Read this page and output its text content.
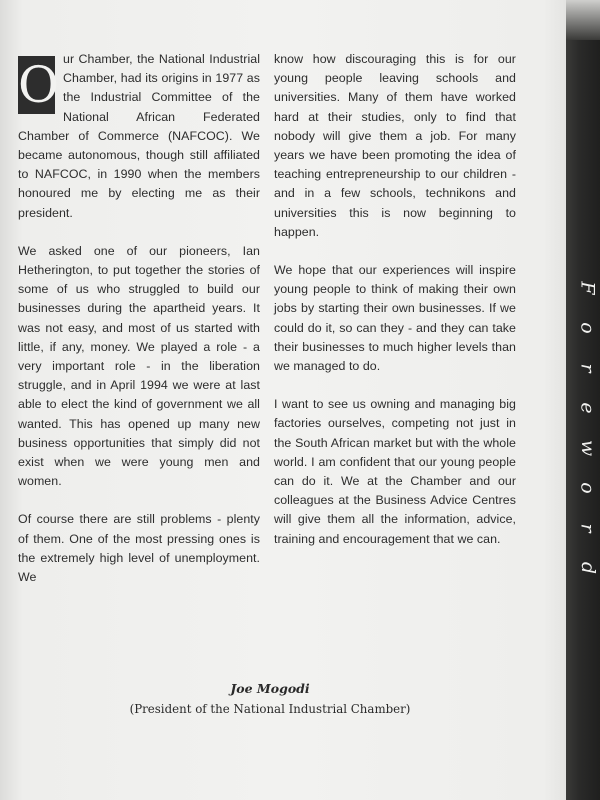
O ur Chamber, the National Industrial Chamber, had its origins in 1977 as the Industrial Committee of the National African Federated Chamber of Commerce (NAFCOC). We became autonomous, though still affiliated to NAFCOC, in 1990 when the members honoured me by electing me as their president.

We asked one of our pioneers, Ian Hetherington, to put together the stories of some of us who struggled to build our businesses during the apartheid years. It was not easy, and most of us started with little, if any, money. We played a role - a very important role - in the liberation struggle, and in April 1994 we were at last able to elect the kind of government we all wanted. This has opened up many new business opportunities that simply did not exist when we were young men and women.

Of course there are still problems - plenty of them. One of the most pressing ones is the extremely high level of unemployment. We

know how discouraging this is for our young people leaving schools and universities. Many of them have worked hard at their studies, only to find that nobody will give them a job. For many years we have been promoting the idea of teaching entrepreneurship to our children - and in a few schools, technikons and universities this is now beginning to happen.

We hope that our experiences will inspire young people to think of making their own jobs by starting their own businesses. If we could do it, so can they - and they can take their businesses to much higher levels than we managed to do.

I want to see us owning and managing big factories ourselves, competing not just in the South African market but with the whole world. I am confident that our young people can do it. We at the Chamber and our colleagues at the Business Advice Centres will give them all the information, advice, training and encouragement that we can.

Joe Mogodi
(President of the National Industrial Chamber)
F
o
r
e
w
o
r
d
